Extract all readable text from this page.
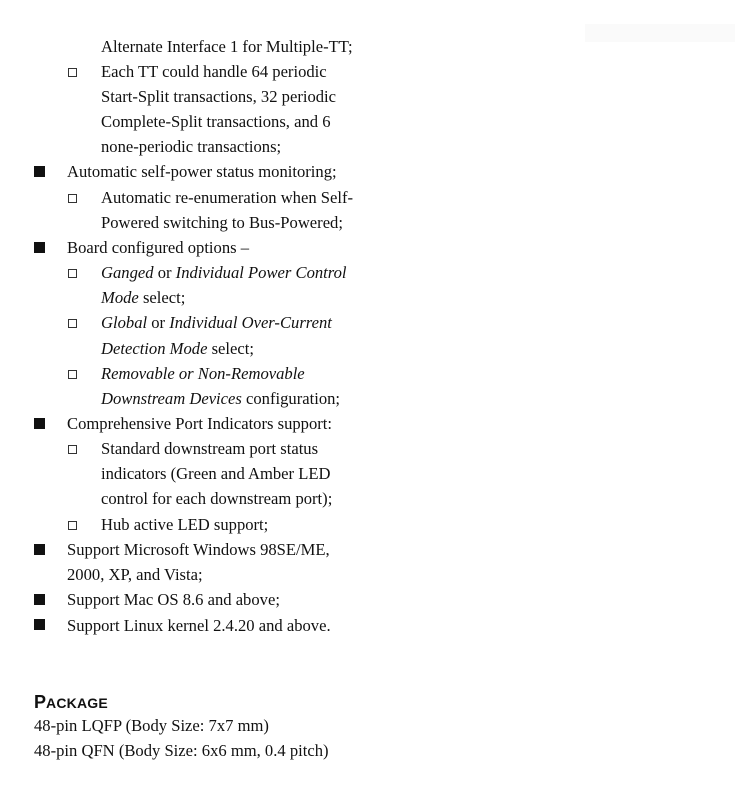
Alternate Interface 1 for Multiple-TT;
Each TT could handle 64 periodic
Start-Split transactions, 32 periodic
Complete-Split transactions, and 6
none-periodic transactions;
Automatic self-power status monitoring;
Automatic re-enumeration when Self-
Powered switching to Bus-Powered;
Board configured options –
Ganged or Individual Power Control
Mode select;
Global or Individual Over-Current
Detection Mode select;
Removable or Non-Removable
Downstream Devices configuration;
Comprehensive Port Indicators support:
Standard downstream port status
indicators (Green and Amber LED
control for each downstream port);
Hub active LED support;
Support Microsoft Windows 98SE/ME,
2000, XP, and Vista;
Support Mac OS 8.6 and above;
Support Linux kernel 2.4.20 and above.
PACKAGE
48-pin LQFP (Body Size: 7x7 mm)
48-pin QFN (Body Size: 6x6 mm, 0.4 pitch)
